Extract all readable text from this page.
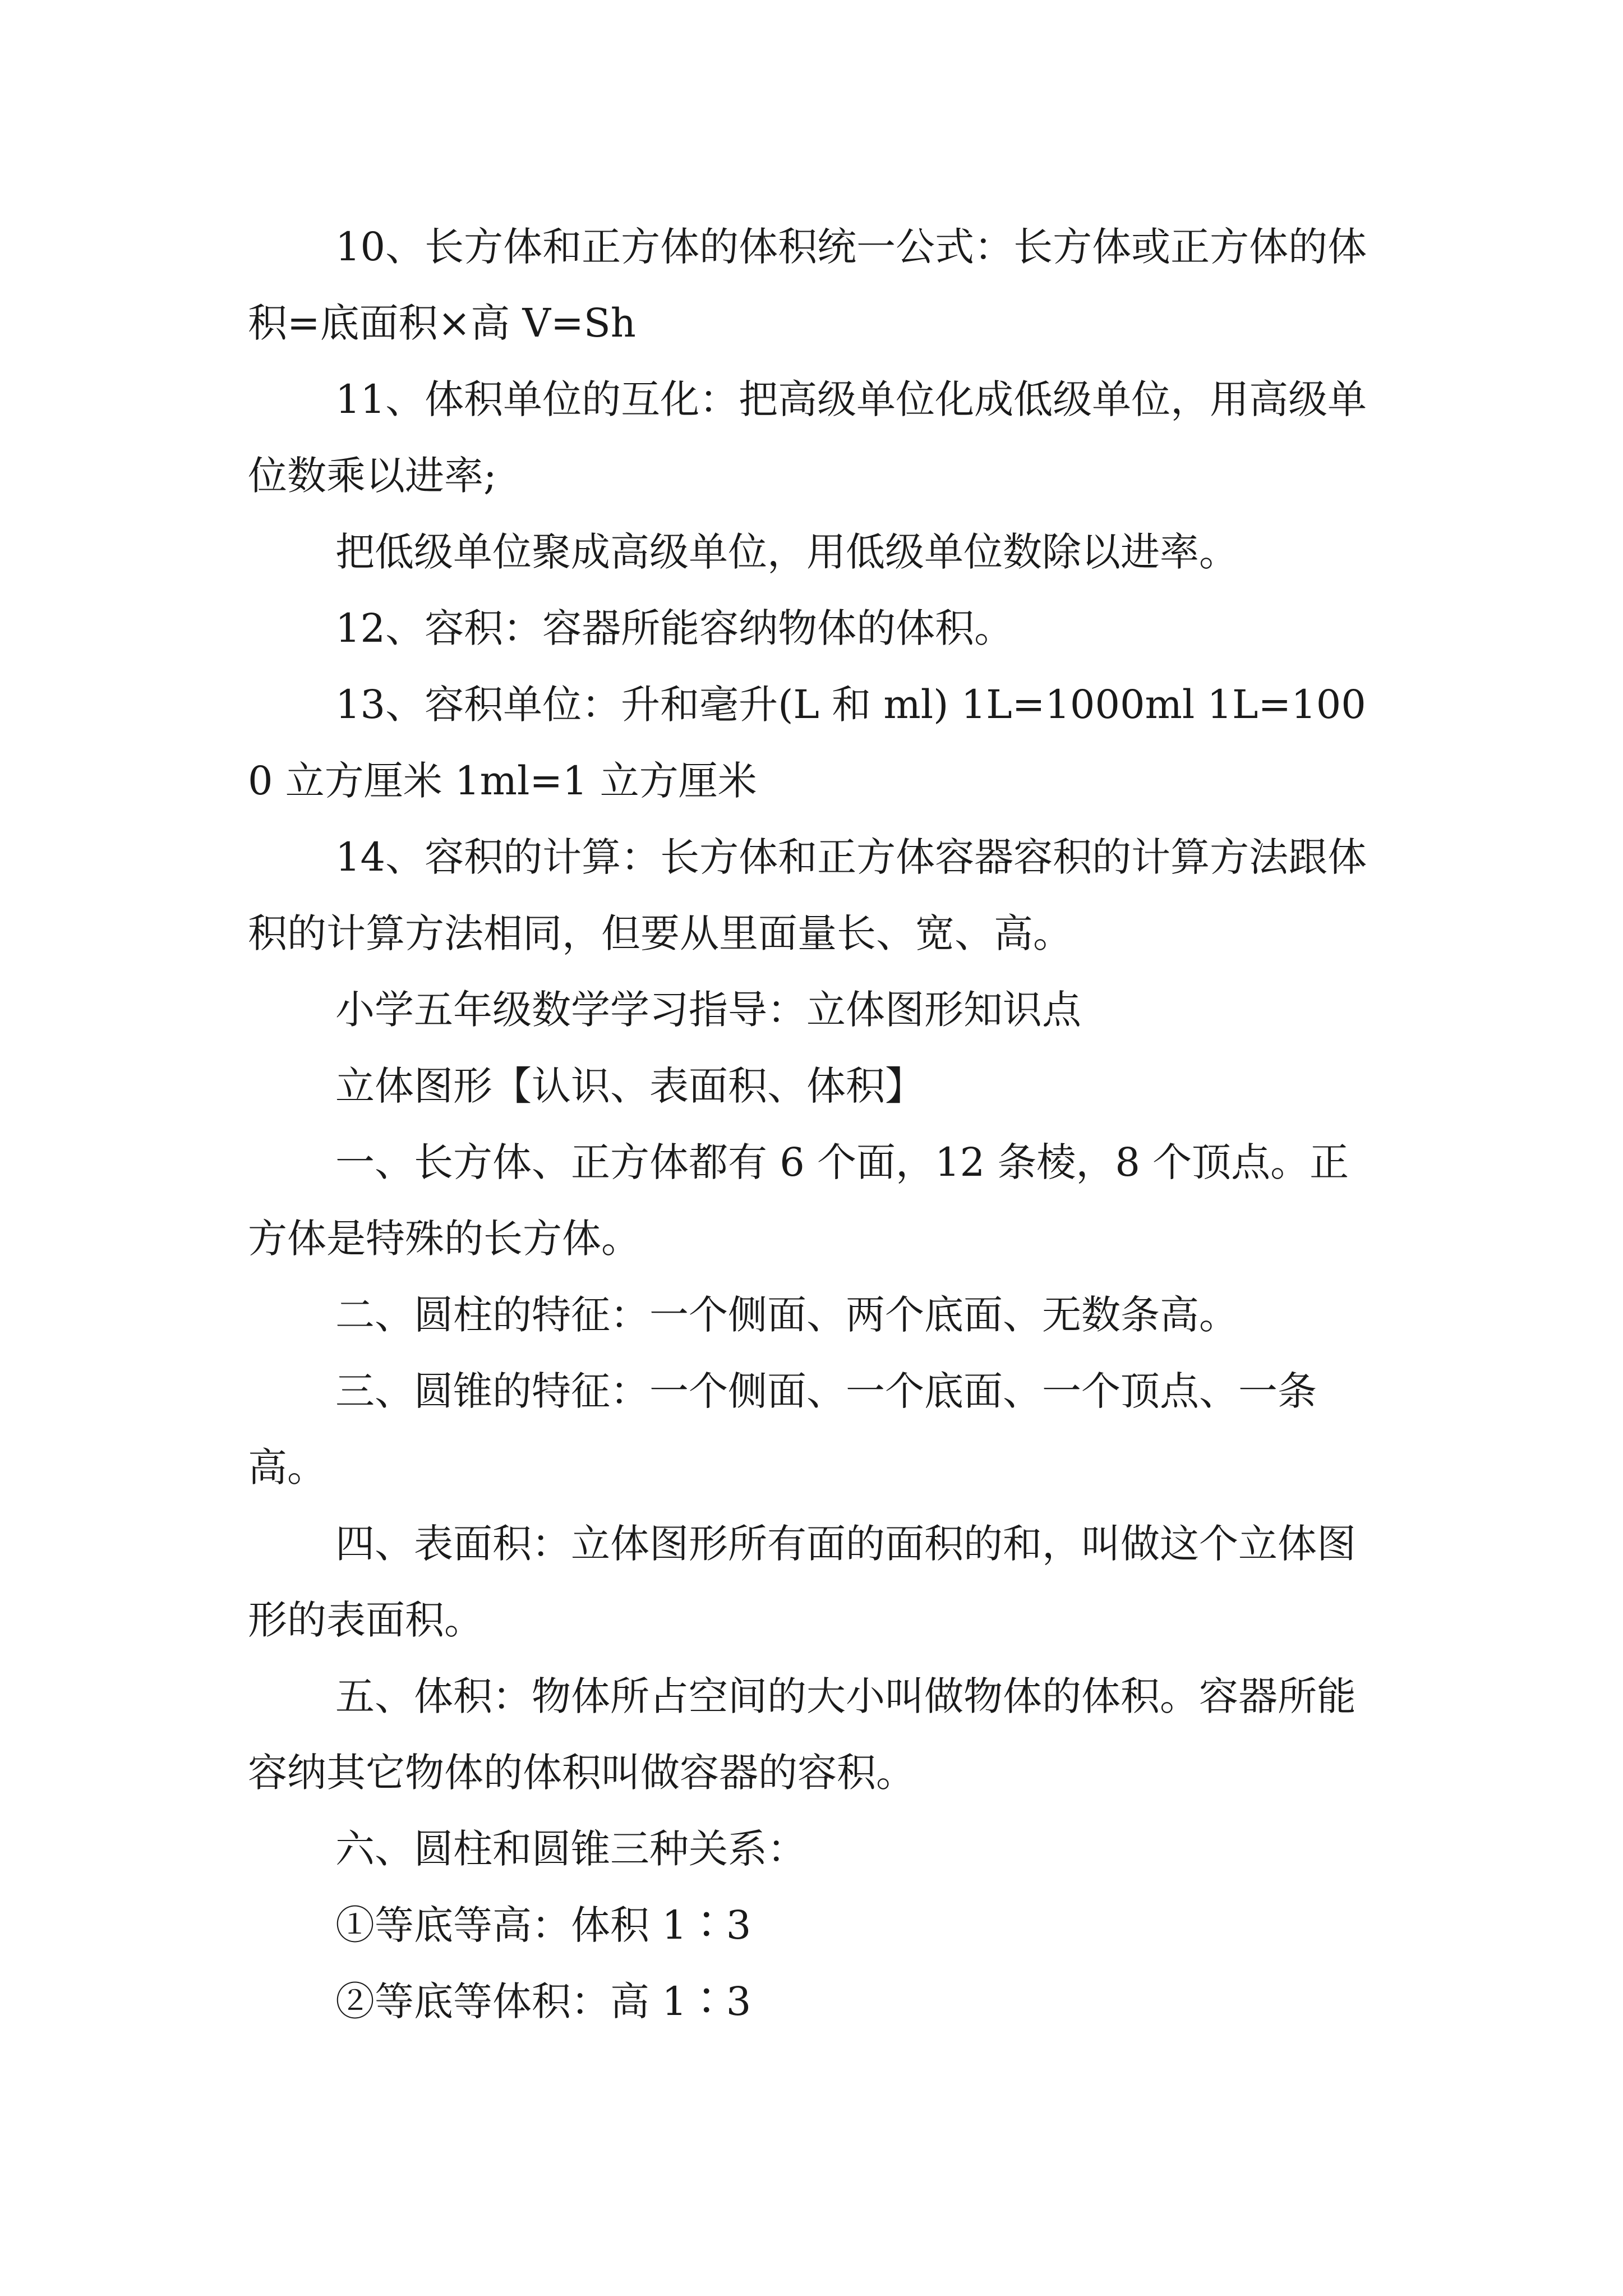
10、长方体和正方体的体积统一公式：长方体或正方体的体积=底面积×高 V=Sh

11、体积单位的互化：把高级单位化成低级单位，用高级单位数乘以进率;

把低级单位聚成高级单位，用低级单位数除以进率。

12、容积：容器所能容纳物体的体积。

13、容积单位：升和毫升(L 和 ml) 1L=1000ml 1L=1000 立方厘米 1ml=1 立方厘米

14、容积的计算：长方体和正方体容器容积的计算方法跟体积的计算方法相同，但要从里面量长、宽、高。

小学五年级数学学习指导：立体图形知识点

立体图形【认识、表面积、体积】

一、长方体、正方体都有 6 个面，12 条棱，8 个顶点。正方体是特殊的长方体。

二、圆柱的特征：一个侧面、两个底面、无数条高。

三、圆锥的特征：一个侧面、一个底面、一个顶点、一条高。

四、表面积：立体图形所有面的面积的和，叫做这个立体图形的表面积。

五、体积：物体所占空间的大小叫做物体的体积。容器所能容纳其它物体的体积叫做容器的容积。

六、圆柱和圆锥三种关系：

①等底等高：体积 1∶3

②等底等体积：高 1∶3
